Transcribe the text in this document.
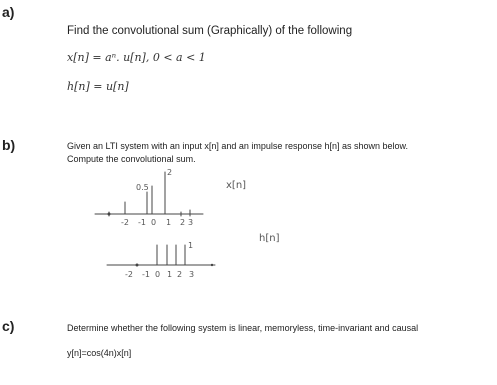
a)
Find the convolutional sum (Graphically) of the following
x[n] = aⁿ. u[n], 0 < a < 1
h[n] = u[n]
b)	Given an LTI system with an input x[n] and an impulse response h[n] as shown below.
Compute the convolutional sum.
0.5
2
x[n]
h[n]
1
-2 -1 0 1 2 3
-2 -1 0 1 2 3
c)	Determine whether the following system is linear, memoryless, time-invariant and causal
y[n]=cos(4n)x[n]
